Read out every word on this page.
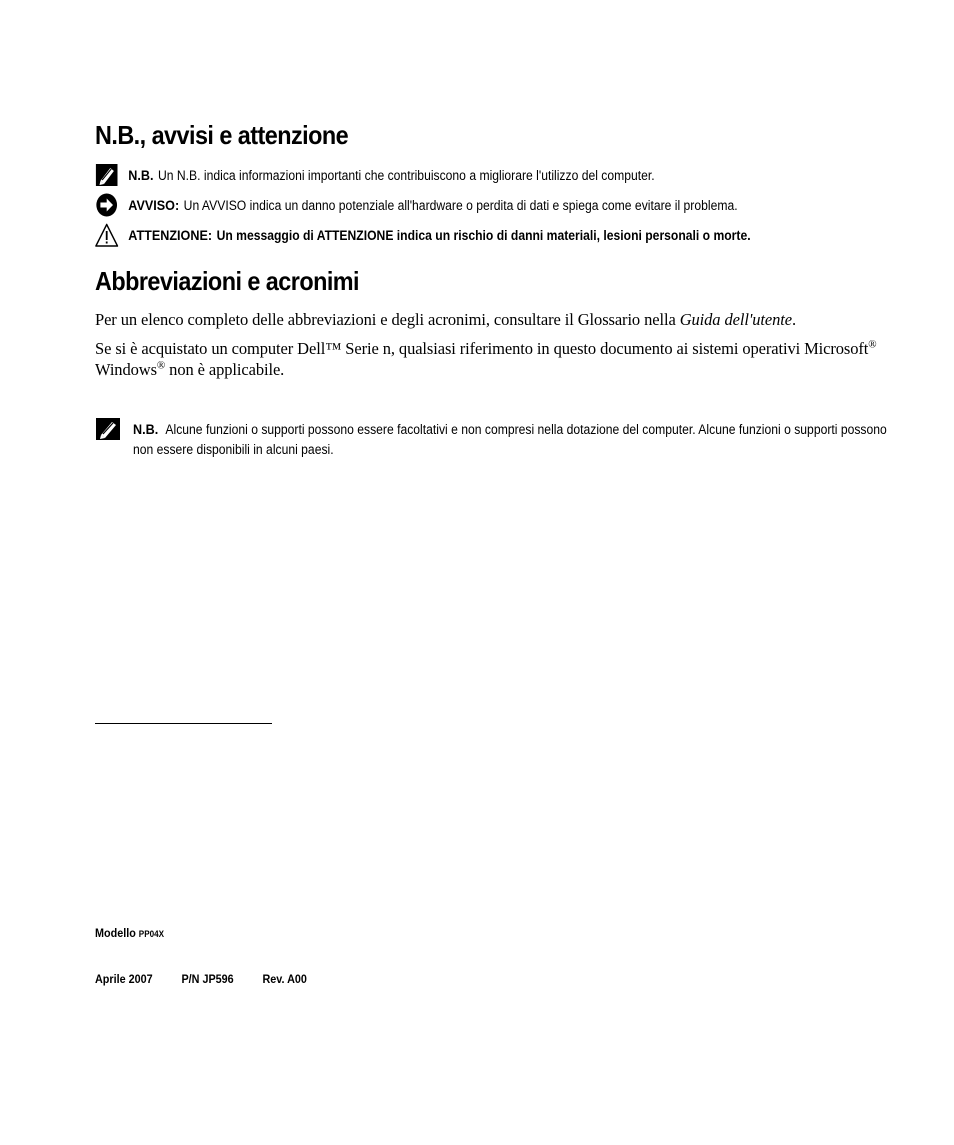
N.B., avvisi e attenzione
N.B. Un N.B. indica informazioni importanti che contribuiscono a migliorare l'utilizzo del computer.
AVVISO: Un AVVISO indica un danno potenziale all'hardware o perdita di dati e spiega come evitare il problema.
ATTENZIONE: Un messaggio di ATTENZIONE indica un rischio di danni materiali, lesioni personali o morte.
Abbreviazioni e acronimi

Per un elenco completo delle abbreviazioni e degli acronimi, consultare il Glossario nella Guida dell'utente.

Se si è acquistato un computer Dell™ Serie n, qualsiasi riferimento in questo documento ai sistemi operativi Microsoft® Windows® non è applicabile.

N.B. Alcune funzioni o supporti possono essere facoltativi e non compresi nella dotazione del computer. Alcune funzioni o supporti possono non essere disponibili in alcuni paesi.
Modello PP04X
Aprile 2007 P/N JP596 Rev. A00
